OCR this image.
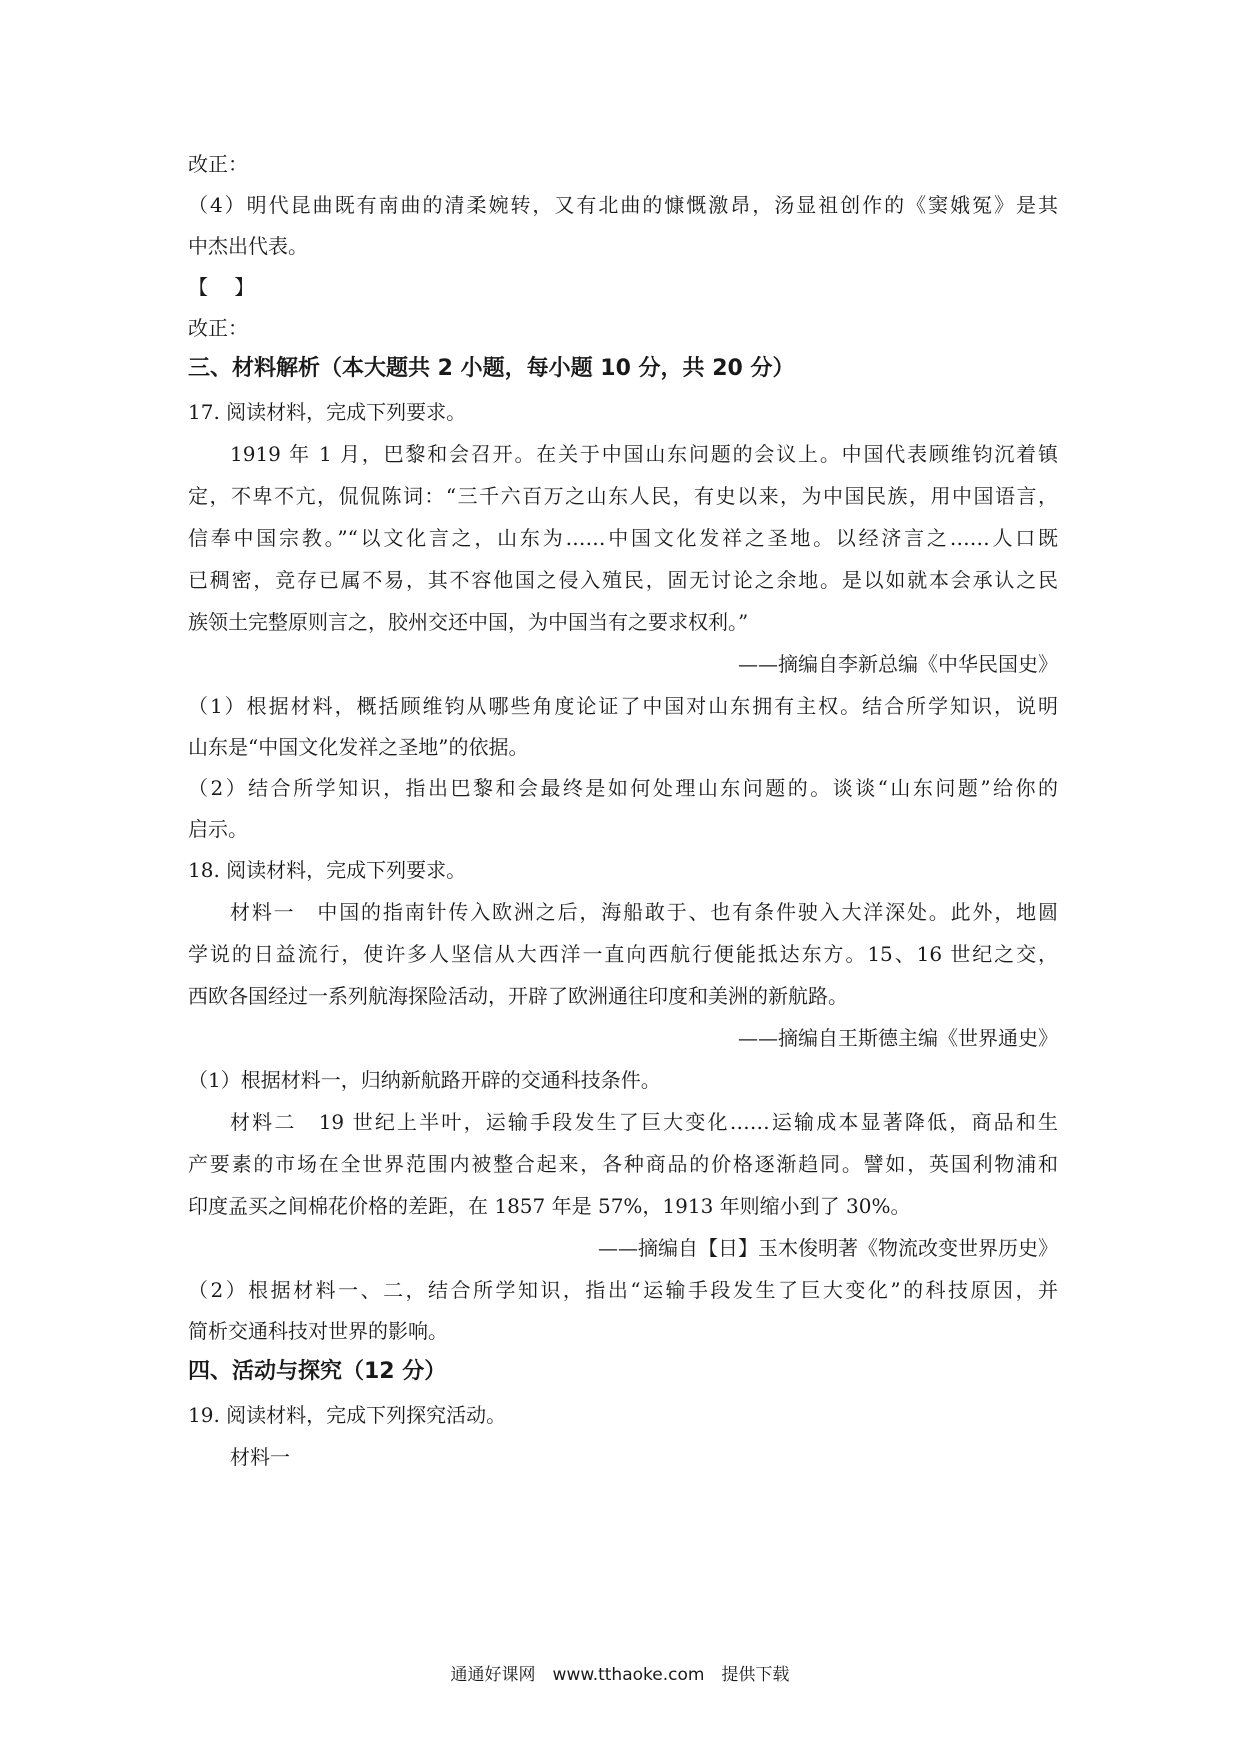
改正：
（4）明代昆曲既有南曲的清柔婉转，又有北曲的慷慨激昂，汤显祖创作的《窦娥冤》是其
中杰出代表。
【　 】
改正：
三、材料解析（本大题共 2 小题，每小题 10 分，共 20 分）
17. 阅读材料，完成下列要求。
1919 年 1 月，巴黎和会召开。在关于中国山东问题的会议上。中国代表顾维钧沉着镇
定，不卑不亢，侃侃陈词：“三千六百万之山东人民，有史以来，为中国民族，用中国语言，
信奉中国宗教。”“以文化言之，山东为……中国文化发祥之圣地。以经济言之……人口既
已稠密，竞存已属不易，其不容他国之侵入殖民，固无讨论之余地。是以如就本会承认之民
族领土完整原则言之，胶州交还中国，为中国当有之要求权利。”
——摘编自李新总编《中华民国史》
（1）根据材料，概括顾维钧从哪些角度论证了中国对山东拥有主权。结合所学知识，说明
山东是“中国文化发祥之圣地”的依据。
（2）结合所学知识，指出巴黎和会最终是如何处理山东问题的。谈谈“山东问题”给你的
启示。
18. 阅读材料，完成下列要求。
材料一　中国的指南针传入欧洲之后，海船敢于、也有条件驶入大洋深处。此外，地圆
学说的日益流行，使许多人坚信从大西洋一直向西航行便能抵达东方。15、16 世纪之交，
西欧各国经过一系列航海探险活动，开辟了欧洲通往印度和美洲的新航路。
——摘编自王斯德主编《世界通史》
（1）根据材料一，归纳新航路开辟的交通科技条件。
材料二　19 世纪上半叶，运输手段发生了巨大变化……运输成本显著降低，商品和生
产要素的市场在全世界范围内被整合起来，各种商品的价格逐渐趋同。譬如，英国利物浦和
印度孟买之间棉花价格的差距，在 1857 年是 57%，1913 年则缩小到了 30%。
——摘编自【日】玉木俊明著《物流改变世界历史》
（2）根据材料一、二，结合所学知识，指出“运输手段发生了巨大变化”的科技原因，并
简析交通科技对世界的影响。
四、活动与探究（12 分）
19. 阅读材料，完成下列探究活动。
材料一
通通好课网　www.tthaoke.com　提供下载
